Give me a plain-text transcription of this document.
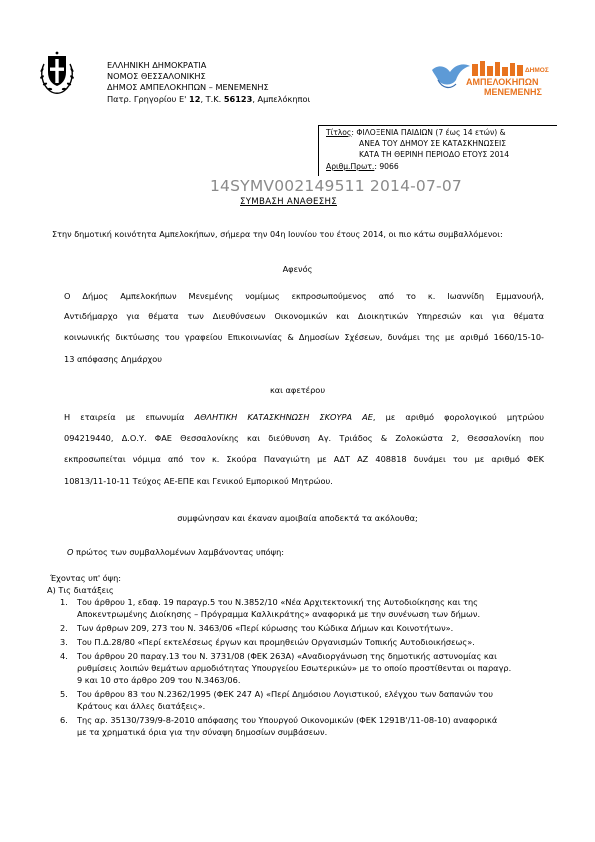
ΕΛΛΗΝΙΚΗ ΔΗΜΟΚΡΑΤΙΑ
ΝΟΜΟΣ ΘΕΣΣΑΛΟΝΙΚΗΣ
ΔΗΜΟΣ ΑΜΠΕΛΟΚΗΠΩΝ – ΜΕΝΕΜΕΝΗΣ
Πατρ. Γρηγορίου Ε' 12, Τ.Κ. 56123, Αμπελόκηποι
ΔΗΜΟΣ
ΑΜΠΕΛΟΚΗΠΩΝ
ΜΕΝΕΜΕΝΗΣ
Τίτλος: ΦΙΛΟΞΕΝΙΑ ΠΑΙΔΙΩΝ (7 έως 14 ετών) &
ΑΝΕΑ ΤΟΥ ΔΗΜΟΥ ΣΕ ΚΑΤΑΣΚΗΝΩΣΕΙΣ
ΚΑΤΑ ΤΗ ΘΕΡΙΝΗ ΠΕΡΙΟΔΟ ΕΤΟΥΣ 2014
Αριθμ.Πρωτ.: 9066
14SYMV002149511 2014-07-07
ΣΥΜΒΑΣΗ ΑΝΑΘΕΣΗΣ
Στην δημοτική κοινότητα Αμπελοκήπων, σήμερα την 04η Ιουνίου του έτους 2014, οι πιο κάτω συμβαλλόμενοι:
Αφενός
Ο Δήμος Αμπελοκήπων Μενεμένης νομίμως εκπροσωπούμενος από το κ. Ιωαννίδη Εμμανουήλ,
Αντιδήμαρχο για θέματα των Διευθύνσεων Οικονομικών και Διοικητικών Υπηρεσιών και για θέματα
κοινωνικής δικτύωσης του γραφείου Επικοινωνίας & Δημοσίων Σχέσεων, δυνάμει της με αριθμό 1660/15-10-
13 απόφασης Δημάρχου
και αφετέρου
Η εταιρεία με επωνυμία ΑΘΛΗΤΙΚΗ ΚΑΤΑΣΚΗΝΩΣΗ ΣΚΟΥΡΑ ΑΕ, με αριθμό φορολογικού μητρώου
094219440, Δ.Ο.Υ. ΦΑΕ Θεσσαλονίκης και διεύθυνση Αγ. Τριάδος & Ζολοκώστα 2, Θεσσαλονίκη που
εκπροσωπείται νόμιμα από τον κ. Σκούρα Παναγιώτη με ΑΔΤ ΑΖ 408818 δυνάμει του με αριθμό ΦΕΚ
10813/11-10-11 Τεύχος ΑΕ-ΕΠΕ και Γενικού Εμπορικού Μητρώου.
συμφώνησαν και έκαναν αμοιβαία αποδεκτά τα ακόλουθα;
Ο πρώτος των συμβαλλομένων λαμβάνοντας υπόψη:
Έχοντας υπ' όψη:
Α) Τις διατάξεις
1. Του άρθρου 1, εδαφ. 19 παραγρ.5 του Ν.3852/10 «Νέα Αρχιτεκτονική της Αυτοδιοίκησης και της
Αποκεντρωμένης Διοίκησης – Πρόγραμμα Καλλικράτης» αναφορικά με την συνένωση των δήμων.
2. Των άρθρων 209, 273 του Ν. 3463/06 «Περί κύρωσης του Κώδικα Δήμων και Κοινοτήτων».
3. Του Π.Δ.28/80 «Περί εκτελέσεως έργων και προμηθειών Οργανισμών Τοπικής Αυτοδιοικήσεως».
4. Του άρθρου 20 παραγ.13 του Ν. 3731/08 (ΦΕΚ 263Α) «Αναδιοργάνωση της δημοτικής αστυνομίας και
ρυθμίσεις λοιπών θεμάτων αρμοδιότητας Υπουργείου Εσωτερικών» με το οποίο προστίθενται οι παραγρ.
9 και 10 στο άρθρο 209 του Ν.3463/06.
5. Του άρθρου 83 του Ν.2362/1995 (ΦΕΚ 247 Α) «Περί Δημόσιου Λογιστικού, ελέγχου των δαπανών του
Κράτους και άλλες διατάξεις».
6. Της αρ. 35130/739/9-8-2010 απόφασης του Υπουργού Οικονομικών (ΦΕΚ 1291Β'/11-08-10) αναφορικά
με τα χρηματικά όρια για την σύναψη δημοσίων συμβάσεων.
